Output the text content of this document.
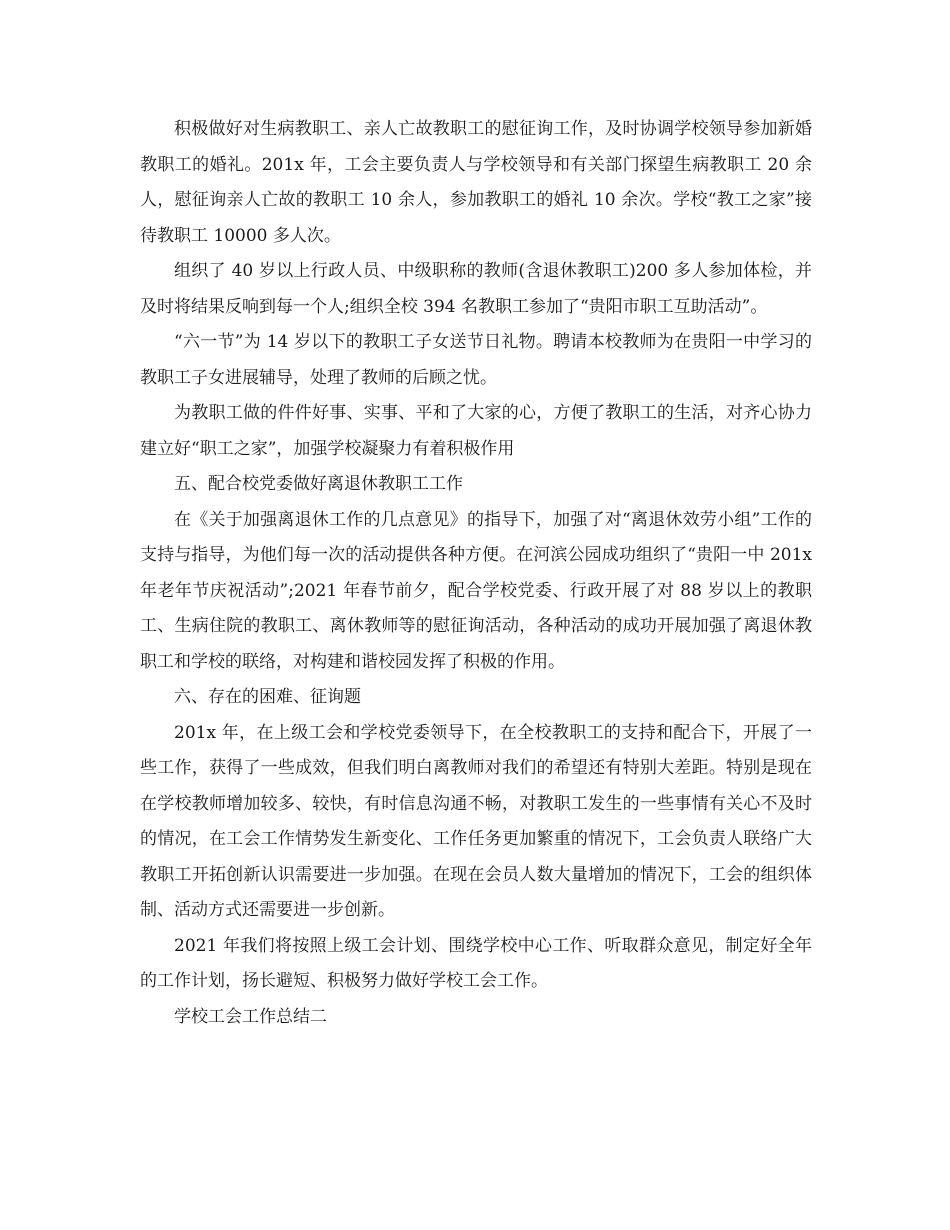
积极做好对生病教职工、亲人亡故教职工的慰征询工作，及时协调学校领导参加新婚教职工的婚礼。201x 年，工会主要负责人与学校领导和有关部门探望生病教职工 20 余人，慰征询亲人亡故的教职工 10 余人，参加教职工的婚礼 10 余次。学校“教工之家”接待教职工 10000 多人次。

组织了 40 岁以上行政人员、中级职称的教师(含退休教职工)200 多人参加体检，并及时将结果反响到每一个人;组织全校 394 名教职工参加了“贵阳市职工互助活动”。

“六一节”为 14 岁以下的教职工子女送节日礼物。聘请本校教师为在贵阳一中学习的教职工子女进展辅导，处理了教师的后顾之忧。

为教职工做的件件好事、实事、平和了大家的心，方便了教职工的生活，对齐心协力建立好“职工之家”，加强学校凝聚力有着积极作用

五、配合校党委做好离退休教职工工作

在《关于加强离退休工作的几点意见》的指导下，加强了对“离退休效劳小组”工作的支持与指导，为他们每一次的活动提供各种方便。在河滨公园成功组织了“贵阳一中 201x 年老年节庆祝活动”;2021 年春节前夕，配合学校党委、行政开展了对 88 岁以上的教职工、生病住院的教职工、离休教师等的慰征询活动，各种活动的成功开展加强了离退休教职工和学校的联络，对构建和谐校园发挥了积极的作用。

六、存在的困难、征询题

201x 年，在上级工会和学校党委领导下，在全校教职工的支持和配合下，开展了一些工作，获得了一些成效，但我们明白离教师对我们的希望还有特别大差距。特别是现在在学校教师增加较多、较快，有时信息沟通不畅，对教职工发生的一些事情有关心不及时的情况，在工会工作情势发生新变化、工作任务更加繁重的情况下，工会负责人联络广大教职工开拓创新认识需要进一步加强。在现在会员人数大量增加的情况下，工会的组织体制、活动方式还需要进一步创新。

2021 年我们将按照上级工会计划、围绕学校中心工作、听取群众意见，制定好全年的工作计划，扬长避短、积极努力做好学校工会工作。

学校工会工作总结二
